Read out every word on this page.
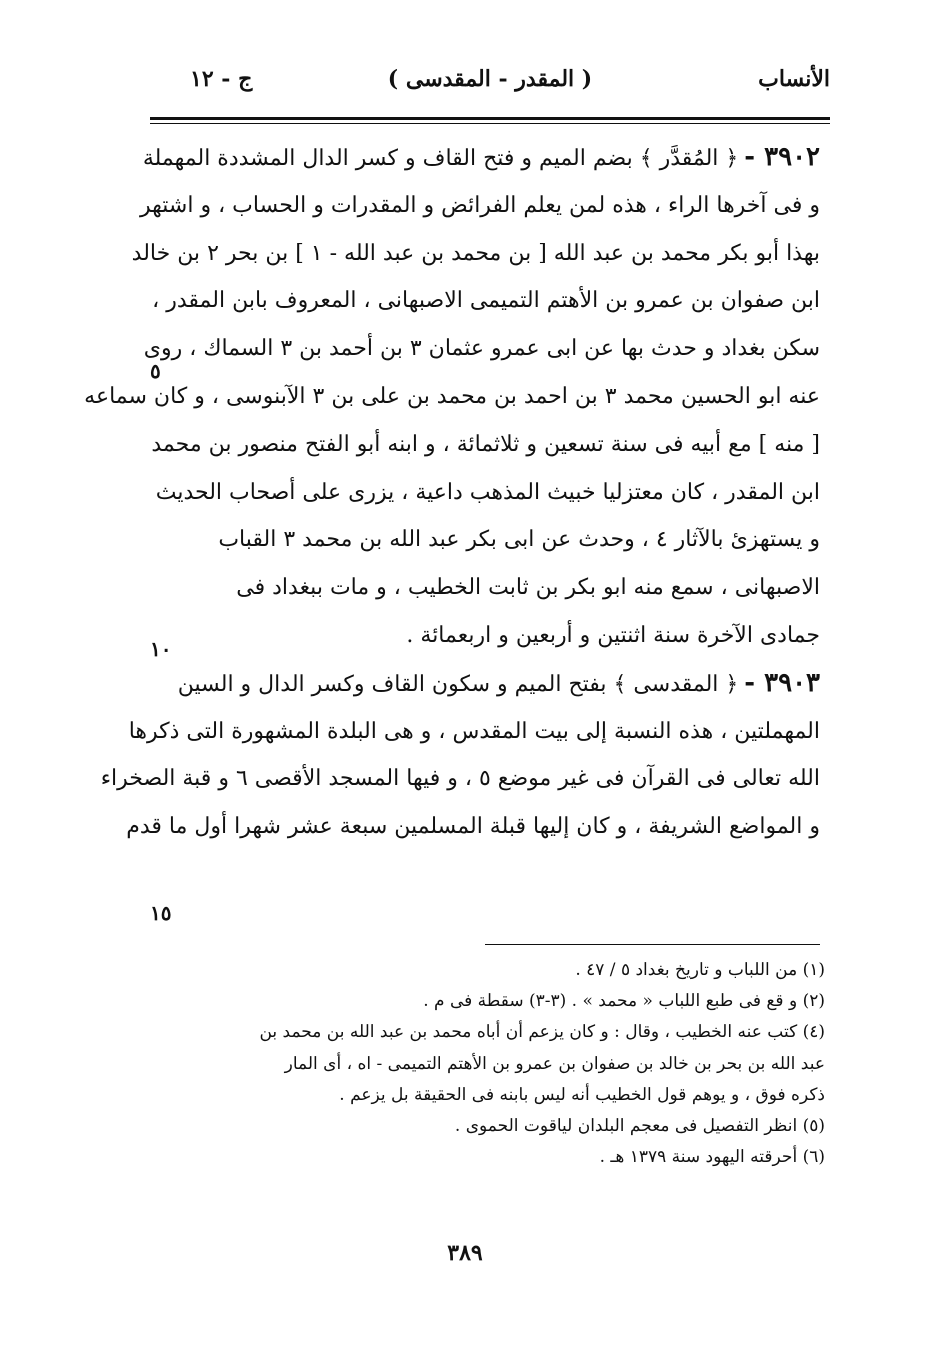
الأنساب
( المقدر - المقدسى )
ج - ١٢
٣٩٠٢ -﴿ المُقدَّر ﴾ بضم الميم و فتح القاف و كسر الدال المشددة المهملة
و فى آخرها الراء ، هذه لمن يعلم الفرائض و المقدرات و الحساب ، و اشتهر
بهذا أبو بكر محمد بن عبد الله [ بن محمد بن عبد الله - ١ ] بن بحر ٢ بن خالد
ابن صفوان بن عمرو بن الأهتم التميمى الاصبهانى ، المعروف بابن المقدر ،
سكن بغداد و حدث بها عن ابى عمرو عثمان ٣ بن أحمد بن ٣ السماك ، روى
عنه ابو الحسين محمد ٣ بن احمد بن محمد بن على بن ٣ الآبنوسى ، و كان سماعه
[ منه ] مع أبيه فى سنة تسعين و ثلاثمائة ، و ابنه أبو الفتح منصور بن محمد
ابن المقدر ، كان معتزليا خبيث المذهب داعية ، يزرى على أصحاب الحديث
و يستهزئ بالآثار ٤ ، وحدث عن ابى بكر عبد الله بن محمد ٣ القباب
الاصبهانى ، سمع منه ابو بكر بن ثابت الخطيب ، و مات ببغداد فى
جمادى الآخرة سنة اثنتين و أربعين و اربعمائة .
٣٩٠٣ -﴿ المقدسى ﴾ بفتح الميم و سكون القاف وكسر الدال و السين
المهملتين ، هذه النسبة إلى بيت المقدس ، و هى البلدة المشهورة التى ذكرها
الله تعالى فى القرآن فى غير موضع ٥ ، و فيها المسجد الأقصى ٦ و قبة الصخراء
و المواضع الشريفة ، و كان إليها قبلة المسلمين سبعة عشر شهرا أول ما قدم
٥
١٠
١٥
(١) من اللباب و تاريخ بغداد ٥ / ٤٧ .
(٢) و قع فى طبع اللباب « محمد » . (٣-٣) سقطة فى م .
(٤) كتب عنه الخطيب ، وقال : و كان يزعم أن أباه محمد بن عبد الله بن محمد بن
عبد الله بن بحر بن خالد بن صفوان بن عمرو بن الأهتم التميمى - اه ، أى المار
ذكره فوق ، و يوهم قول الخطيب أنه ليس بابنه فى الحقيقة بل يزعم .
(٥) انظر التفصيل فى معجم البلدان لياقوت الحموى .
(٦) أحرقته اليهود سنة ١٣٧٩ هـ .
٣٨٩
